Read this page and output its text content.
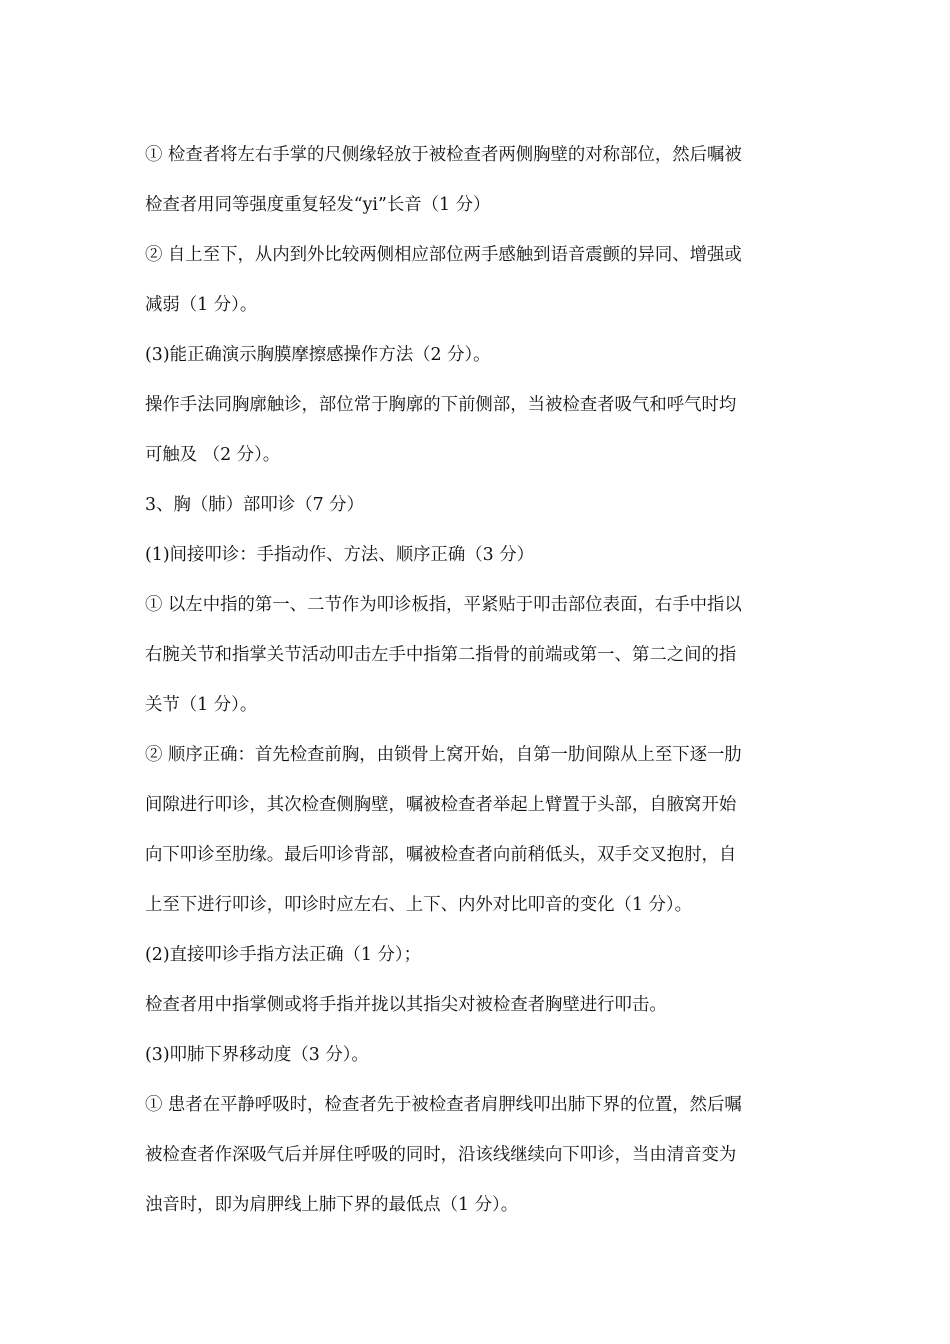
① 检查者将左右手掌的尺侧缘轻放于被检查者两侧胸壁的对称部位，然后嘱被
检查者用同等强度重复轻发“yi”长音（1 分）
② 自上至下，从内到外比较两侧相应部位两手感触到语音震颤的异同、增强或
减弱（1 分）。
(3)能正确演示胸膜摩擦感操作方法（2 分）。
操作手法同胸廓触诊，部位常于胸廓的下前侧部，当被检查者吸气和呼气时均
可触及 （2 分）。
3、胸（肺）部叩诊（7 分）
(1)间接叩诊：手指动作、方法、顺序正确（3 分）
① 以左中指的第一、二节作为叩诊板指，平紧贴于叩击部位表面，右手中指以
右腕关节和指掌关节活动叩击左手中指第二指骨的前端或第一、第二之间的指
关节（1 分）。
② 顺序正确：首先检查前胸，由锁骨上窝开始，自第一肋间隙从上至下逐一肋
间隙进行叩诊，其次检查侧胸壁，嘱被检查者举起上臂置于头部，自腋窝开始
向下叩诊至肋缘。最后叩诊背部，嘱被检查者向前稍低头，双手交叉抱肘，自
上至下进行叩诊，叩诊时应左右、上下、内外对比叩音的变化（1 分）。
(2)直接叩诊手指方法正确（1 分）；
检查者用中指掌侧或将手指并拢以其指尖对被检查者胸壁进行叩击。
(3)叩肺下界移动度（3 分）。
① 患者在平静呼吸时，检查者先于被检查者肩胛线叩出肺下界的位置，然后嘱
被检查者作深吸气后并屏住呼吸的同时，沿该线继续向下叩诊，当由清音变为
浊音时，即为肩胛线上肺下界的最低点（1 分）。
